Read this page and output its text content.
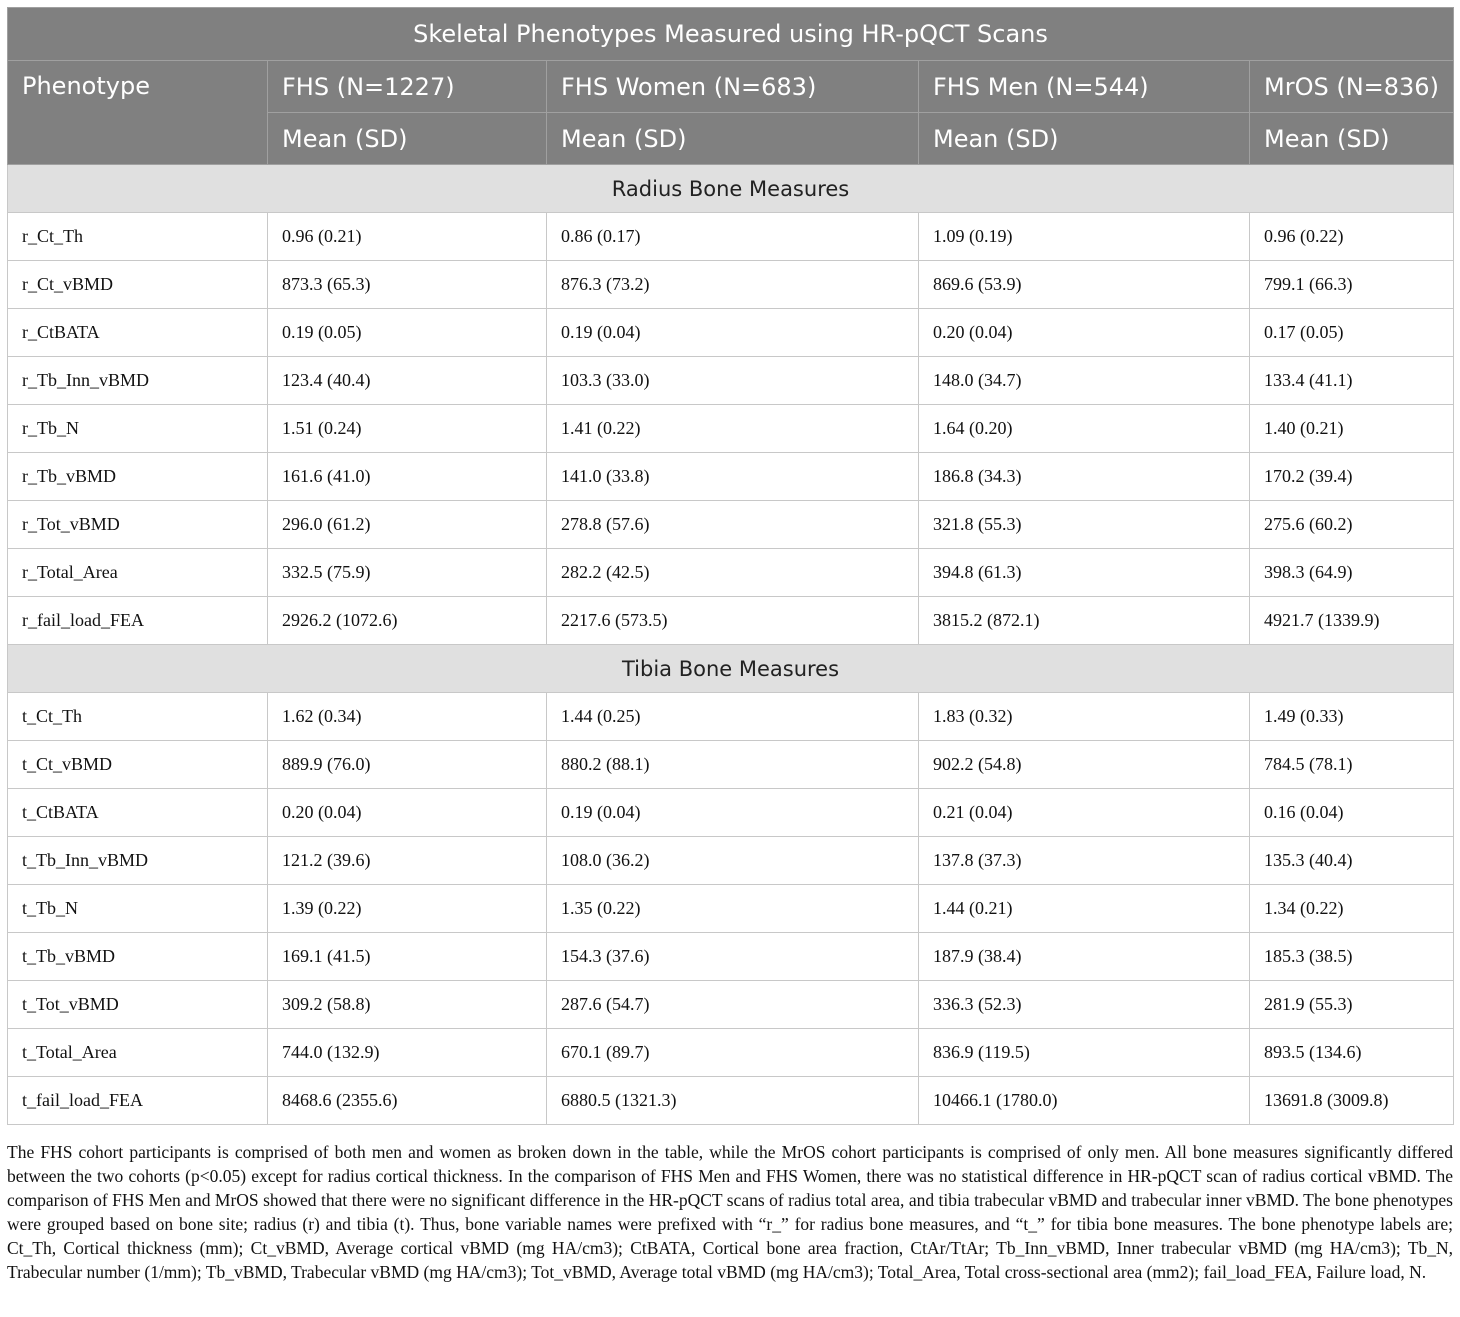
Skeletal Phenotypes Measured using HR-pQCT Scans				
Phenotype	FHS (N=1227)	FHS Women (N=683)	FHS Men (N=544)	MrOS (N=836)
	Mean (SD)	Mean (SD)	Mean (SD)	Mean (SD)
Radius Bone Measures				
r_Ct_Th	0.96 (0.21)	0.86 (0.17)	1.09 (0.19)	0.96 (0.22)
r_Ct_vBMD	873.3 (65.3)	876.3 (73.2)	869.6 (53.9)	799.1 (66.3)
r_CtBATA	0.19 (0.05)	0.19 (0.04)	0.20 (0.04)	0.17 (0.05)
r_Tb_Inn_vBMD	123.4 (40.4)	103.3 (33.0)	148.0 (34.7)	133.4 (41.1)
r_Tb_N	1.51 (0.24)	1.41 (0.22)	1.64 (0.20)	1.40 (0.21)
r_Tb_vBMD	161.6 (41.0)	141.0 (33.8)	186.8 (34.3)	170.2 (39.4)
r_Tot_vBMD	296.0 (61.2)	278.8 (57.6)	321.8 (55.3)	275.6 (60.2)
r_Total_Area	332.5 (75.9)	282.2 (42.5)	394.8 (61.3)	398.3 (64.9)
r_fail_load_FEA	2926.2 (1072.6)	2217.6 (573.5)	3815.2 (872.1)	4921.7 (1339.9)
Tibia Bone Measures				
t_Ct_Th	1.62 (0.34)	1.44 (0.25)	1.83 (0.32)	1.49 (0.33)
t_Ct_vBMD	889.9 (76.0)	880.2 (88.1)	902.2 (54.8)	784.5 (78.1)
t_CtBATA	0.20 (0.04)	0.19 (0.04)	0.21 (0.04)	0.16 (0.04)
t_Tb_Inn_vBMD	121.2 (39.6)	108.0 (36.2)	137.8 (37.3)	135.3 (40.4)
t_Tb_N	1.39 (0.22)	1.35 (0.22)	1.44 (0.21)	1.34 (0.22)
t_Tb_vBMD	169.1 (41.5)	154.3 (37.6)	187.9 (38.4)	185.3 (38.5)
t_Tot_vBMD	309.2 (58.8)	287.6 (54.7)	336.3 (52.3)	281.9 (55.3)
t_Total_Area	744.0 (132.9)	670.1 (89.7)	836.9 (119.5)	893.5 (134.6)
t_fail_load_FEA	8468.6 (2355.6)	6880.5 (1321.3)	10466.1 (1780.0)	13691.8 (3009.8)
The FHS cohort participants is comprised of both men and women as broken down in the table, while the MrOS cohort participants is comprised of only men. All bone measures significantly differed between the two cohorts (p<0.05) except for radius cortical thickness. In the comparison of FHS Men and FHS Women, there was no statistical difference in HR-pQCT scan of radius cortical vBMD. The comparison of FHS Men and MrOS showed that there were no significant difference in the HR-pQCT scans of radius total area, and tibia trabecular vBMD and trabecular inner vBMD. The bone phenotypes were grouped based on bone site; radius (r) and tibia (t). Thus, bone variable names were prefixed with “r_” for radius bone measures, and “t_” for tibia bone measures. The bone phenotype labels are; Ct_Th, Cortical thickness (mm); Ct_vBMD, Average cortical vBMD (mg HA/cm3); CtBATA, Cortical bone area fraction, CtAr/TtAr; Tb_Inn_vBMD, Inner trabecular vBMD (mg HA/cm3); Tb_N, Trabecular number (1/mm); Tb_vBMD, Trabecular vBMD (mg HA/cm3); Tot_vBMD, Average total vBMD (mg HA/cm3); Total_Area, Total cross-sectional area (mm2); fail_load_FEA, Failure load, N.
